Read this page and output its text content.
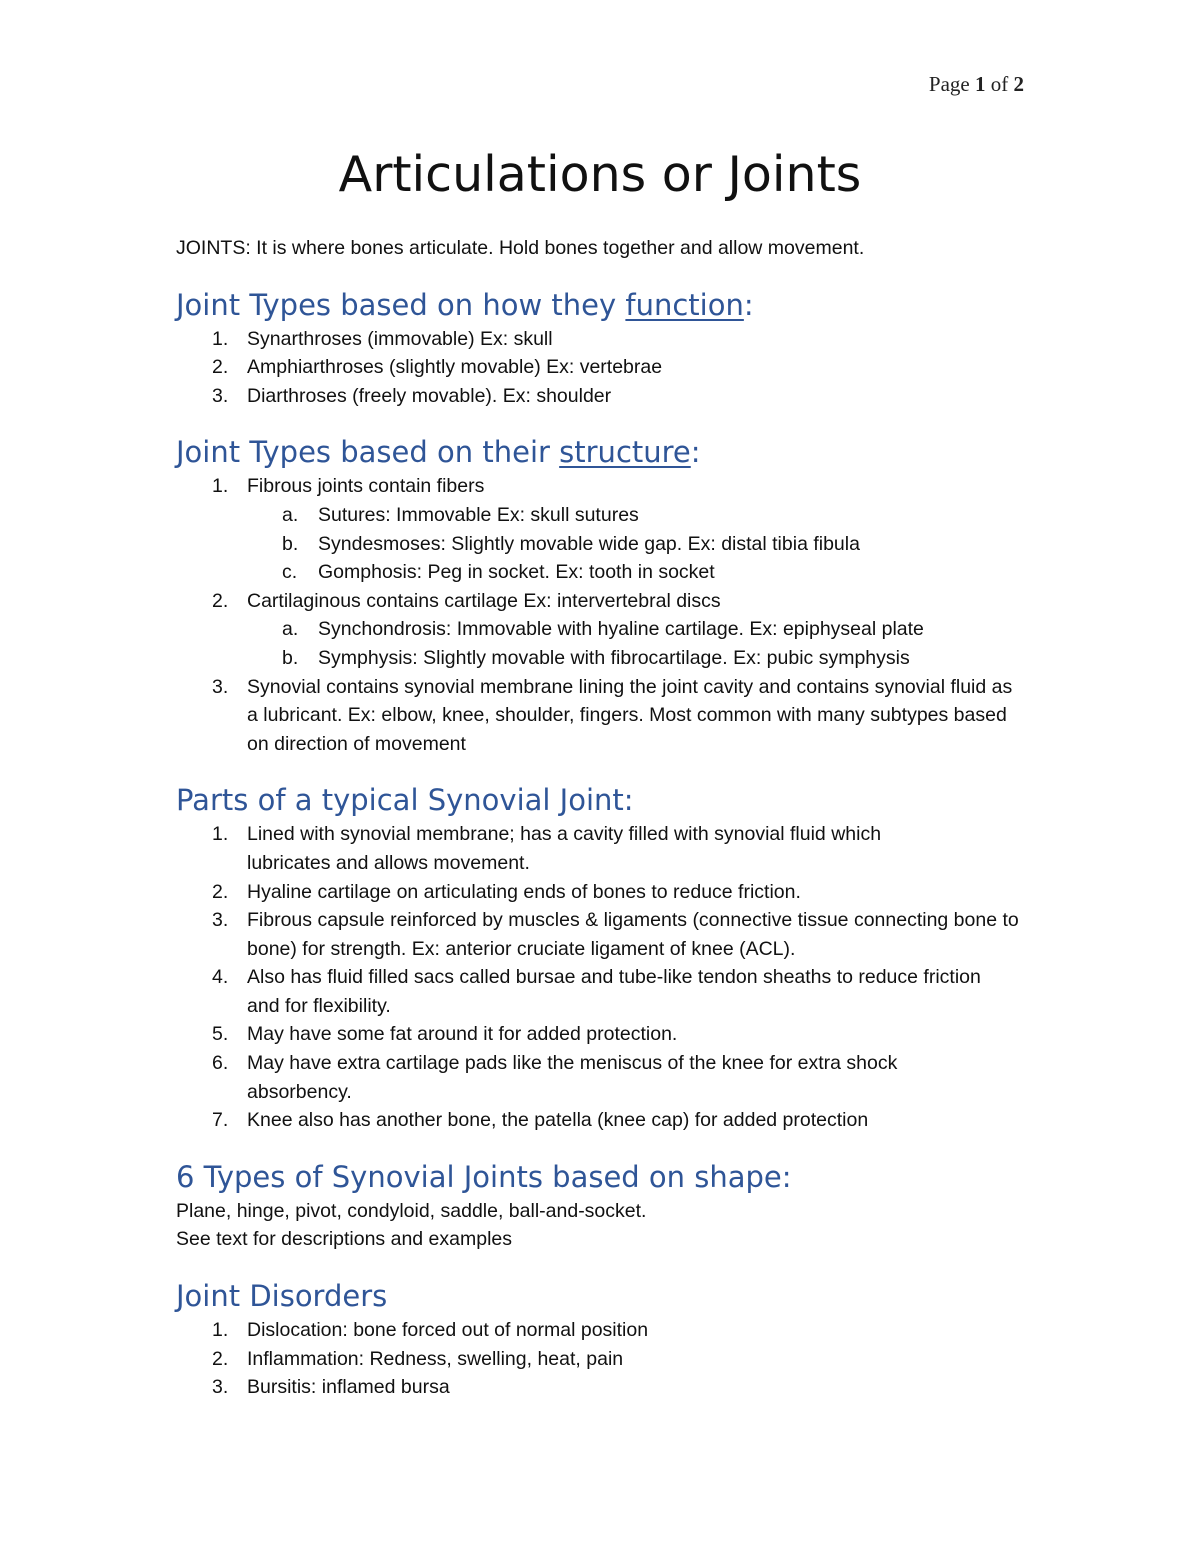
Page 1 of 2
Articulations or Joints

JOINTS: It is where bones articulate. Hold bones together and allow movement.

Joint Types based on how they function:
1. Synarthroses (immovable) Ex: skull
2. Amphiarthroses (slightly movable) Ex: vertebrae
3. Diarthroses (freely movable). Ex: shoulder
Joint Types based on their structure:
1. Fibrous joints contain fibers
a. Sutures: Immovable Ex: skull sutures
b. Syndesmoses: Slightly movable wide gap. Ex: distal tibia fibula
c. Gomphosis: Peg in socket. Ex: tooth in socket
2. Cartilaginous contains cartilage Ex: intervertebral discs
a. Synchondrosis: Immovable with hyaline cartilage. Ex: epiphyseal plate
b. Symphysis: Slightly movable with fibrocartilage. Ex: pubic symphysis
3. Synovial contains synovial membrane lining the joint cavity and contains synovial fluid as a lubricant. Ex: elbow, knee, shoulder, fingers. Most common with many subtypes based on direction of movement
Parts of a typical Synovial Joint:
1. Lined with synovial membrane; has a cavity filled with synovial fluid which lubricates and allows movement.
2. Hyaline cartilage on articulating ends of bones to reduce friction.
3. Fibrous capsule reinforced by muscles & ligaments (connective tissue connecting bone to bone) for strength. Ex: anterior cruciate ligament of knee (ACL).
4. Also has fluid filled sacs called bursae and tube-like tendon sheaths to reduce friction and for flexibility.
5. May have some fat around it for added protection.
6. May have extra cartilage pads like the meniscus of the knee for extra shock absorbency.
7. Knee also has another bone, the patella (knee cap) for added protection
6 Types of Synovial Joints based on shape:

Plane, hinge, pivot, condyloid, saddle, ball-and-socket.

See text for descriptions and examples

Joint Disorders
1. Dislocation: bone forced out of normal position
2. Inflammation: Redness, swelling, heat, pain
3. Bursitis: inflamed bursa
